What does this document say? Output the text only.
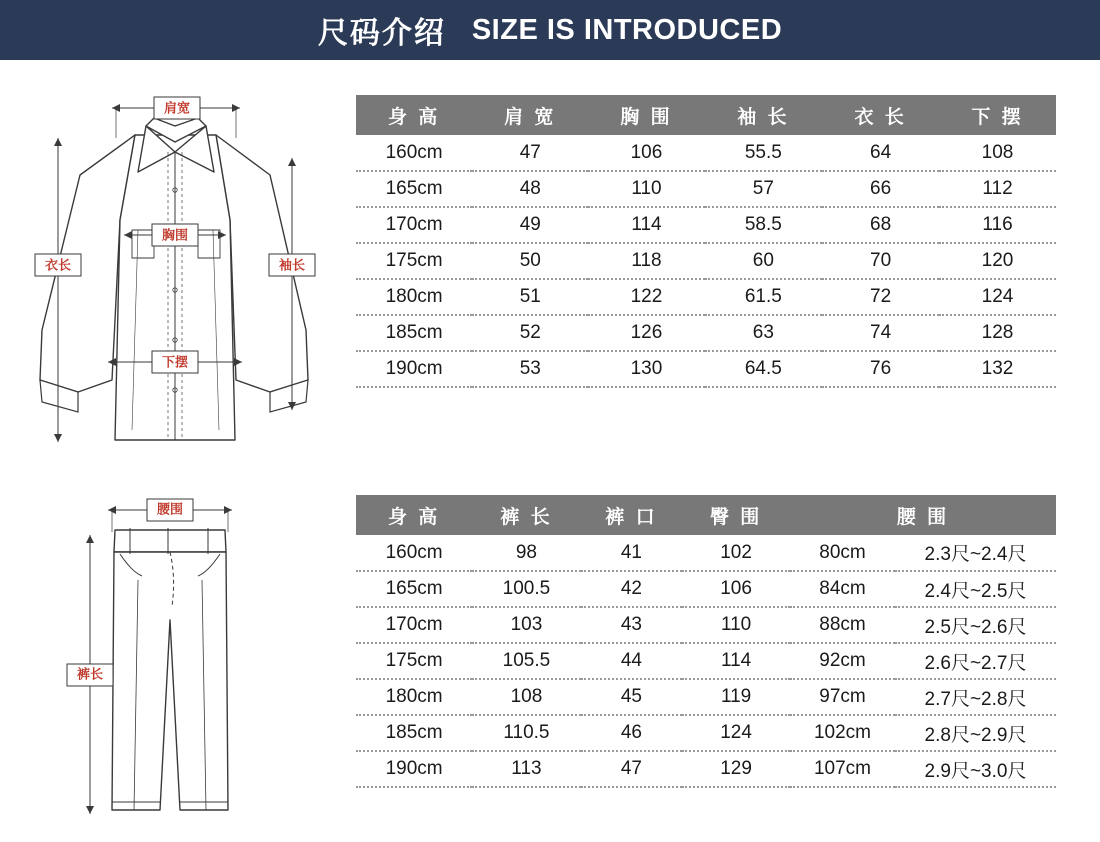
尺码介绍 SIZE IS INTRODUCED
肩宽
胸围
衣长	袖长
下摆
腰围
裤长
身 高	肩 宽	胸 围	袖 长	衣 长	下 摆
160cm	47	106	55.5	64	108
165cm	48	110	57	66	112
170cm	49	114	58.5	68	116
175cm	50	118	60	70	120
180cm	51	122	61.5	72	124
185cm	52	126	63	74	128
190cm	53	130	64.5	76	132
身 高	裤 长	裤 口	臀 围	腰 围	
160cm	98	41	102	80cm	2.3尺~2.4尺
165cm	100.5	42	106	84cm	2.4尺~2.5尺
170cm	103	43	110	88cm	2.5尺~2.6尺
175cm	105.5	44	114	92cm	2.6尺~2.7尺
180cm	108	45	119	97cm	2.7尺~2.8尺
185cm	110.5	46	124	102cm	2.8尺~2.9尺
190cm	113	47	129	107cm	2.9尺~3.0尺
